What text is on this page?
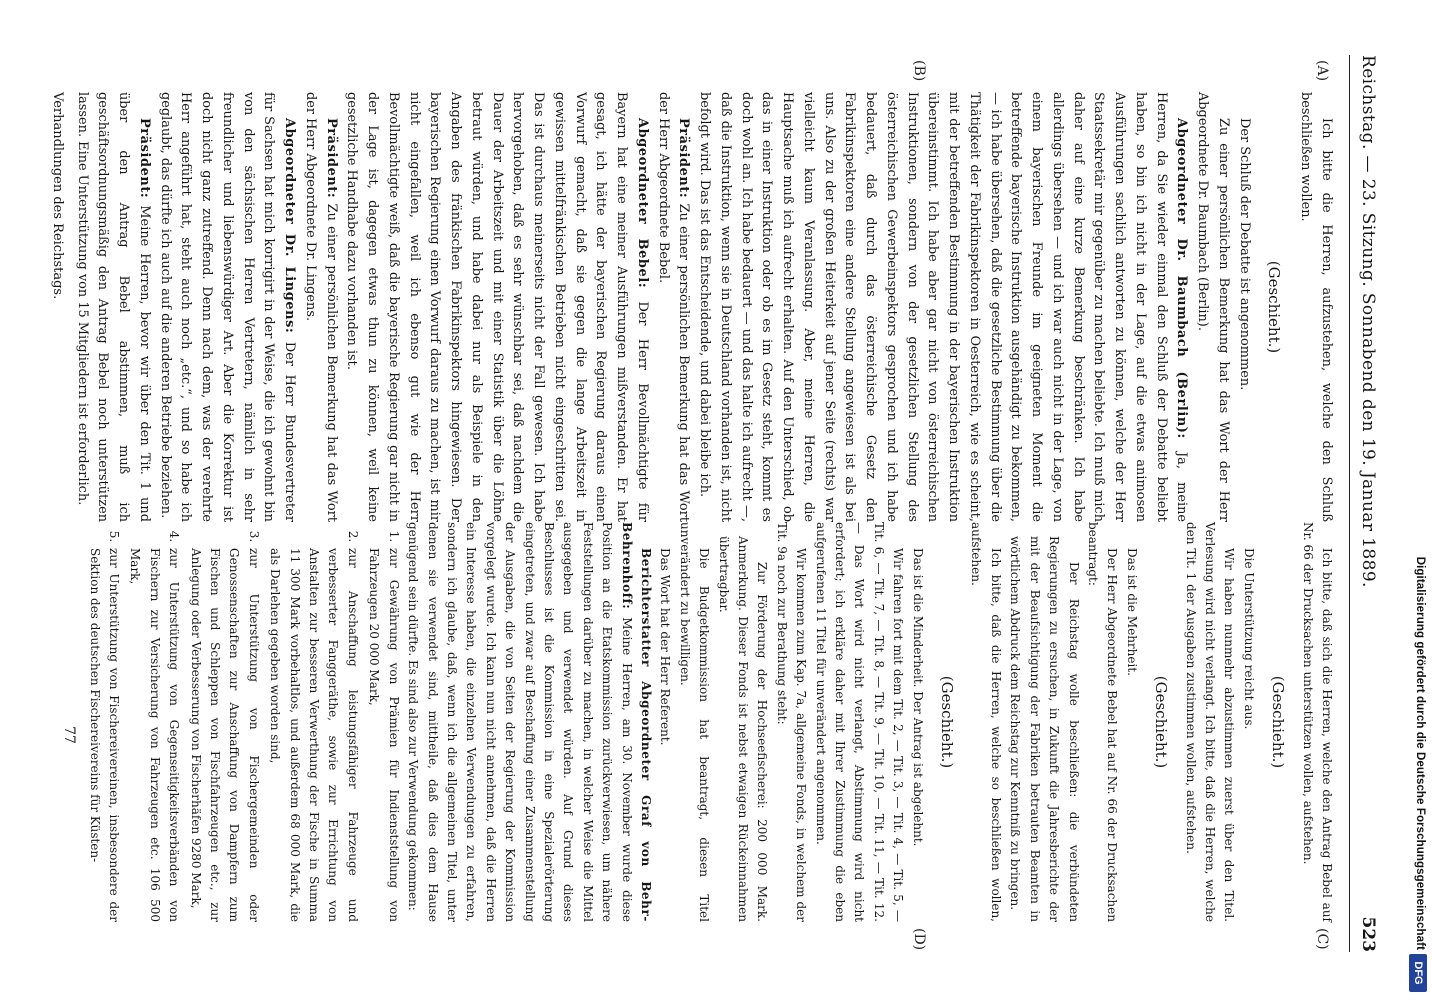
Digitalisierung gefördert durch die Deutsche Forschungsgemeinschaft
DFG
Reichstag. — 23. Sitzung. Sonnabend den 19. Januar 1889.
523
(A)
(B)
(C)
(D)

Ich bitte die Herren, aufzustehen, welche den Schluß beschließen wollen.

(Geschieht.)

Der Schluß der Debatte ist angenommen.

Zu einer persönlichen Bemerkung hat das Wort der Herr Abgeordnete Dr. Baumbach (Berlin).

Abgeordneter Dr. Baumbach (Berlin): Ja, meine Herren, da Sie wieder einmal den Schluß der Debatte beliebt haben, so bin ich nicht in der Lage, auf die etwas animosen Ausführungen sachlich antworten zu können, welche der Herr Staatssekretär mir gegenüber zu machen beliebte. Ich muß mich daher auf eine kurze Bemerkung beschränken. Ich habe allerdings übersehen — und ich war auch nicht in der Lage, von einem bayerischen Freunde im geeigneten Moment die betreffende bayerische Instruktion ausgehändigt zu bekommen, — ich habe übersehen, daß die gesetzliche Bestimmung über die Thätigkeit der Fabrikinspektoren in Oesterreich, wie es scheint, mit der betreffenden Bestimmung in der bayerischen Instruktion übereinstimmt. Ich habe aber gar nicht von österreichischen Instruktionen, sondern von der gesetzlichen Stellung des österreichischen Gewerbeinspektors gesprochen und ich habe bedauert, daß durch das österreichische Gesetz den Fabrikinspektoren eine andere Stellung angewiesen ist als bei uns. Also zu der großen Heiterkeit auf jener Seite (rechts) war vielleicht kaum Veranlassung. Aber, meine Herren, die Hauptsache muß ich aufrecht erhalten. Auf den Unterschied, ob das in einer Instruktion oder ob es im Gesetz steht, kommt es doch wohl an. Ich habe bedauert — und das halte ich aufrecht —, daß die Instruktion, wenn sie in Deutschland vorhanden ist, nicht befolgt wird. Das ist das Entscheidende, und dabei bleibe ich.

Präsident: Zu einer persönlichen Bemerkung hat das Wort der Herr Abgeordnete Bebel.

Abgeordneter Bebel: Der Herr Bevollmächtigte für Bayern hat eine meiner Ausführungen mißverstanden. Er hat gesagt, ich hätte der bayerischen Regierung daraus einen Vorwurf gemacht, daß sie gegen die lange Arbeitszeit in gewissen mittelfränkischen Betrieben nicht eingeschritten sei. Das ist durchaus meinerseits nicht der Fall gewesen. Ich habe hervorgehoben, daß es sehr wünschbar sei, daß nachdem die Dauer der Arbeitszeit und mit einer Statistik über die Löhne betraut würden, und habe dabei nur als Beispiele in den Angaben des fränkischen Fabrikinspektors hingewiesen. Der bayerischen Regierung einen Vorwurf daraus zu machen, ist mir nicht eingefallen, weil ich ebenso gut wie der Herr Bevollmächtigte weiß, daß die bayerische Regierung gar nicht in der Lage ist, dagegen etwas thun zu können, weil keine gesetzliche Handhabe dazu vorhanden ist.

Präsident: Zu einer persönlichen Bemerkung hat das Wort der Herr Abgeordnete Dr. Lingens.

Abgeordneter Dr. Lingens: Der Herr Bundesvertreter für Sachsen hat mich korrigirt in der Weise, die ich gewohnt bin von den sächsischen Herren Vertretern, nämlich in sehr freundlicher und liebenswürdiger Art. Aber die Korrektur ist doch nicht ganz zutreffend. Denn nach dem, was der verehrte Herr angeführt hat, steht auch noch „etc.“, und so habe ich geglaubt, das dürfte ich auch auf die anderen Betriebe beziehen.

Präsident: Meine Herren, bevor wir über den Tit. 1 und über den Antrag Bebel abstimmen, muß ich geschäftsordnungsmäßig den Antrag Bebel noch unterstützen lassen. Eine Unterstützung von 15 Mitgliedern ist erforderlich.

Verhandlungen des Reichstags.

Ich bitte, daß sich die Herren, welche den Antrag Bebel auf Nr. 66 der Drucksachen unterstützen wollen, aufstehen.

(Geschieht.)

Die Unterstützung reicht aus.

Wir haben nunmehr abzustimmen zuerst über den Titel. Verlesung wird nicht verlangt. Ich bitte, daß die Herren, welche den Tit. 1 der Ausgaben zustimmen wollen, aufstehen.

(Geschieht.)

Das ist die Mehrheit.

Der Herr Abgeordnete Bebel hat auf Nr. 66 der Drucksachen beantragt:

Der Reichstag wolle beschließen: die verbündeten Regierungen zu ersuchen, in Zukunft die Jahresberichte der mit der Beaufsichtigung der Fabriken betrauten Beamten in wörtlichem Abdruck dem Reichstag zur Kenntniß zu bringen.

Ich bitte, daß die Herren, welche so beschließen wollen, aufstehen.

(Geschieht.)

Das ist die Minderheit. Der Antrag ist abgelehnt.

Wir fahren fort mit dem Tit. 2, — Tit. 3, — Tit. 4, — Tit. 5, — Tit. 6, — Tit. 7, — Tit. 8, — Tit. 9, — Tit. 10, — Tit. 11, — Tit. 12. — Das Wort wird nicht verlangt, Abstimmung wird nicht erfordert; ich erkläre daher mit Ihrer Zustimmung die eben aufgerufenen 11 Titel für unverändert angenommen.

Wir kommen zum Kap. 7a, allgemeine Fonds, in welchem der Tit. 9a noch zur Berathung steht:

Zur Förderung der Hochseefischerei: 200 000 Mark. Anmerkung. Dieser Fonds ist nebst etwaigen Rückeinnahmen übertragbar.

Die Budgetkommission hat beantragt, diesen Titel unverändert zu bewilligen.

Das Wort hat der Herr Referent.

Berichterstatter Abgeordneter Graf von Behr-Behrenhoff: Meine Herren, am 30. November wurde diese Position an die Etatskommission zurückverwiesen, um nähere Feststellungen darüber zu machen, in welcher Weise die Mittel ausgegeben und verwendet würden. Auf Grund dieses Beschlusses ist die Kommission in eine Spezialerörterung eingetreten, und zwar auf Beschaffung einer Zusammenstellung der Ausgaben, die von Seiten der Regierung der Kommission vorgelegt wurde. Ich kann nun nicht annehmen, daß die Herren ein Interesse haben, die einzelnen Verwendungen zu erfahren, sondern ich glaube, daß, wenn ich die allgemeinen Titel, unter denen sie verwendet sind, mittheile, daß dies dem Hause genügend sein dürfte. Es sind also zur Verwendung gekommen:

1. zur Gewährung von Prämien für Indienststellung von Fahrzeugen 20 000 Mark,
2. zur Anschaffung leistungsfähiger Fahrzeuge und verbesserter Fanggeräthe, sowie zur Errichtung von Anstalten zur besseren Verwerthung der Fische in Summa 11 300 Mark vorbehaltlos, und außerdem 68 000 Mark, die als Darlehen gegeben worden sind,
3. zur Unterstützung von Fischergemeinden oder Genossenschaften zur Anschaffung von Dampfern zum Fischen und Schleppen von Fischfahrzeugen etc., zur Anlegung oder Verbesserung von Fischerhäfen 9280 Mark,
4. zur Unterstützung von Gegenseitigkeitsverbänden von Fischern zur Versicherung von Fahrzeugen etc. 106 500 Mark,
5. zur Unterstützung von Fischereivereinen, insbesondere der Sektion des deutschen Fischereivereins für Küsten-

77
